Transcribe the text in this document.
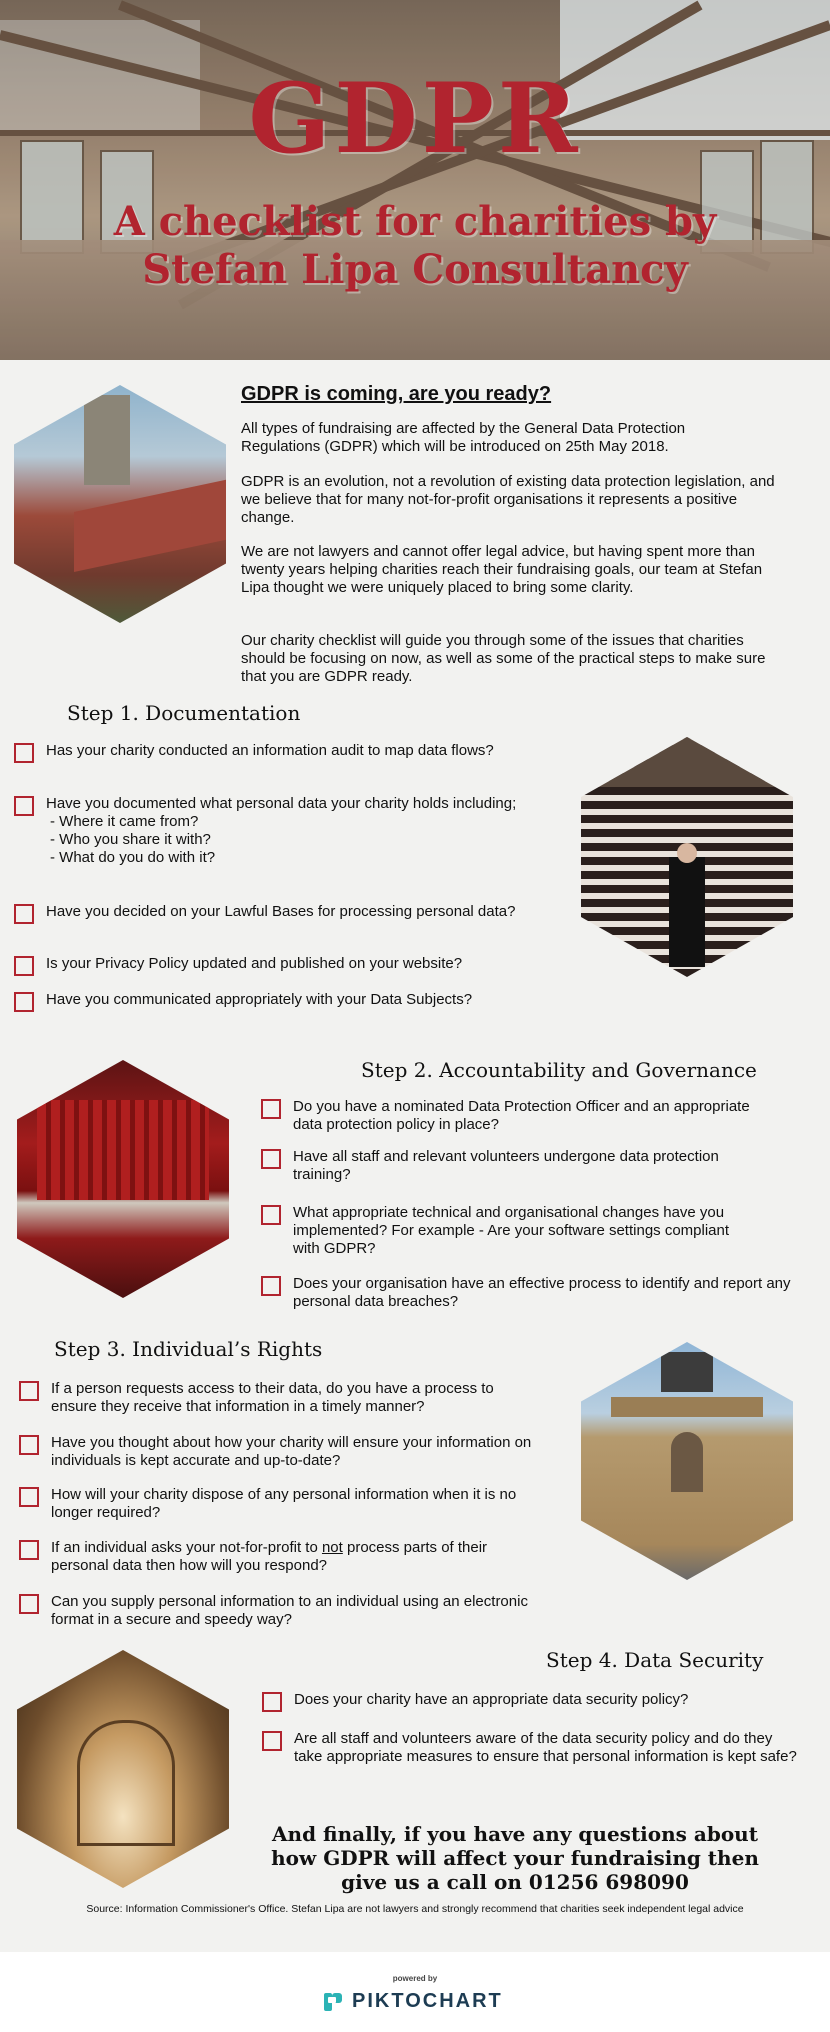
GDPR
A checklist for charities by
Stefan Lipa Consultancy
GDPR is coming, are you ready?
All types of fundraising are affected by the General Data Protection Regulations (GDPR) which will be introduced on 25th May 2018.
GDPR is an evolution, not a revolution of existing data protection legislation, and we believe that for many not-for-profit organisations it represents a positive change.
We are not lawyers and cannot offer legal advice, but having spent more than twenty years helping charities reach their fundraising goals, our team at Stefan Lipa thought we were uniquely placed to bring some clarity.
Our charity checklist will guide you through some of the issues that charities should be focusing on now, as well as some of the practical steps to make sure that you are GDPR ready.
Step 1. Documentation
Has your charity conducted an information audit to map data flows?
Have you documented what personal data your charity holds including;
- Where it came from?
- Who you share it with?
- What do you do with it?
Have you decided on your Lawful Bases for processing personal data?
Is your Privacy Policy updated and published on your website?
Have you communicated appropriately with your Data Subjects?
Step 2. Accountability and Governance
Do you have a nominated Data Protection Officer and an appropriate data protection policy in place?
Have all staff and relevant volunteers undergone data protection training?
What appropriate technical and organisational changes have you implemented? For example - Are your software settings compliant with GDPR?
Does your organisation have an effective process to identify and report any personal data breaches?
Step 3. Individual’s Rights
If a person requests access to their data, do you have a process to ensure they receive that information in a timely manner?
Have you thought about how your charity will ensure your information on individuals is kept accurate and up-to-date?
How will your charity dispose of any personal information when it is no longer required?
If an individual asks your not-for-profit to not process parts of their personal data then how will you respond?
Can you supply personal information to an individual using an electronic format in a secure and speedy way?
Step 4. Data Security
Does your charity have an appropriate data security policy?
Are all staff and volunteers aware of the data security policy and do they take appropriate measures to ensure that personal information is kept safe?
And finally, if you have any questions about how GDPR will affect your fundraising then give us a call on 01256 698090
Source: Information Commissioner's Office. Stefan Lipa are not lawyers and strongly recommend that charities seek independent legal advice
powered by
PIKTOCHART
